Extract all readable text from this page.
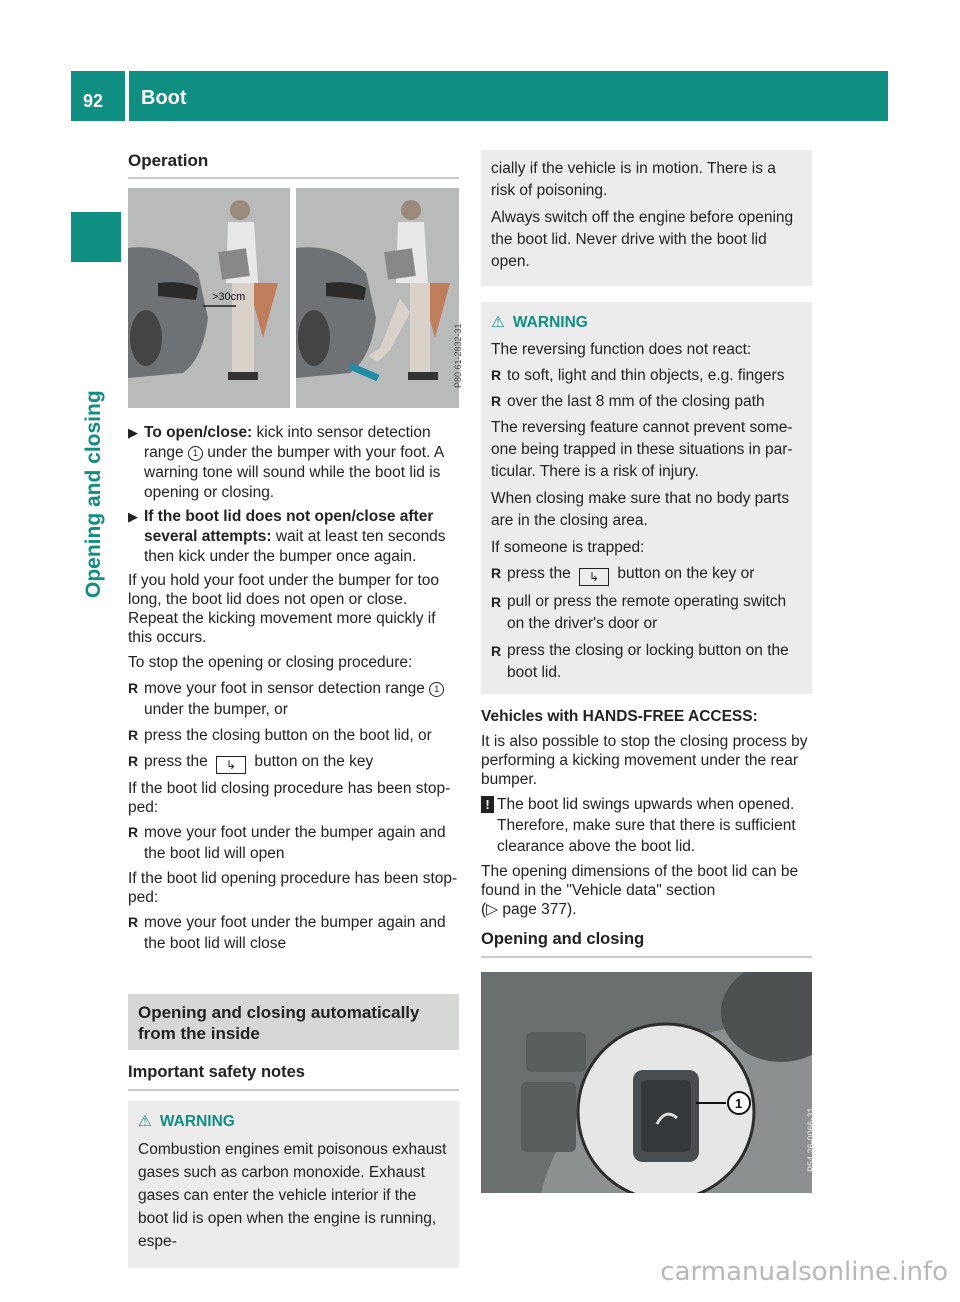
92 Boot
Opening and closing
Operation
>30cm
P80.61-2832-31
▶ To open/close: kick into sensor detection range 1 under the bumper with your foot. A warning tone will sound while the boot lid is opening or closing.
▶ If the boot lid does not open/close after several attempts: wait at least ten seconds then kick under the bumper once again.

If you hold your foot under the bumper for too long, the boot lid does not open or close. Repeat the kicking movement more quickly if this occurs.

To stop the opening or closing procedure:

R move your foot in sensor detection range 1 under the bumper, or
R press the closing button on the boot lid, or
R press the ↳ button on the key

If the boot lid closing procedure has been stop-ped:

R move your foot under the bumper again and the boot lid will open

If the boot lid opening procedure has been stop-ped:

R move your foot under the bumper again and the boot lid will close
Opening and closing automatically from the inside
Important safety notes
⚠ WARNING

Combustion engines emit poisonous exhaust gases such as carbon monoxide. Exhaust gases can enter the vehicle interior if the boot lid is open when the engine is running, espe-

cially if the vehicle is in motion. There is a risk of poisoning.

Always switch off the engine before opening the boot lid. Never drive with the boot lid open.

⚠ WARNING

The reversing function does not react:

R to soft, light and thin objects, e.g. fingers
R over the last 8 mm of the closing path

The reversing feature cannot prevent some-one being trapped in these situations in par-ticular. There is a risk of injury.

When closing make sure that no body parts are in the closing area.

If someone is trapped:

R press the ↳ button on the key or
R pull or press the remote operating switch on the driver's door or
R press the closing or locking button on the boot lid.

Vehicles with HANDS-FREE ACCESS:

It is also possible to stop the closing process by performing a kicking movement under the rear bumper.

! The boot lid swings upwards when opened. Therefore, make sure that there is sufficient clearance above the boot lid.

The opening dimensions of the boot lid can be found in the "Vehicle data" section
(▷ page 377).

Opening and closing
1
P54.26-0066-31
carmanualsonline.info
